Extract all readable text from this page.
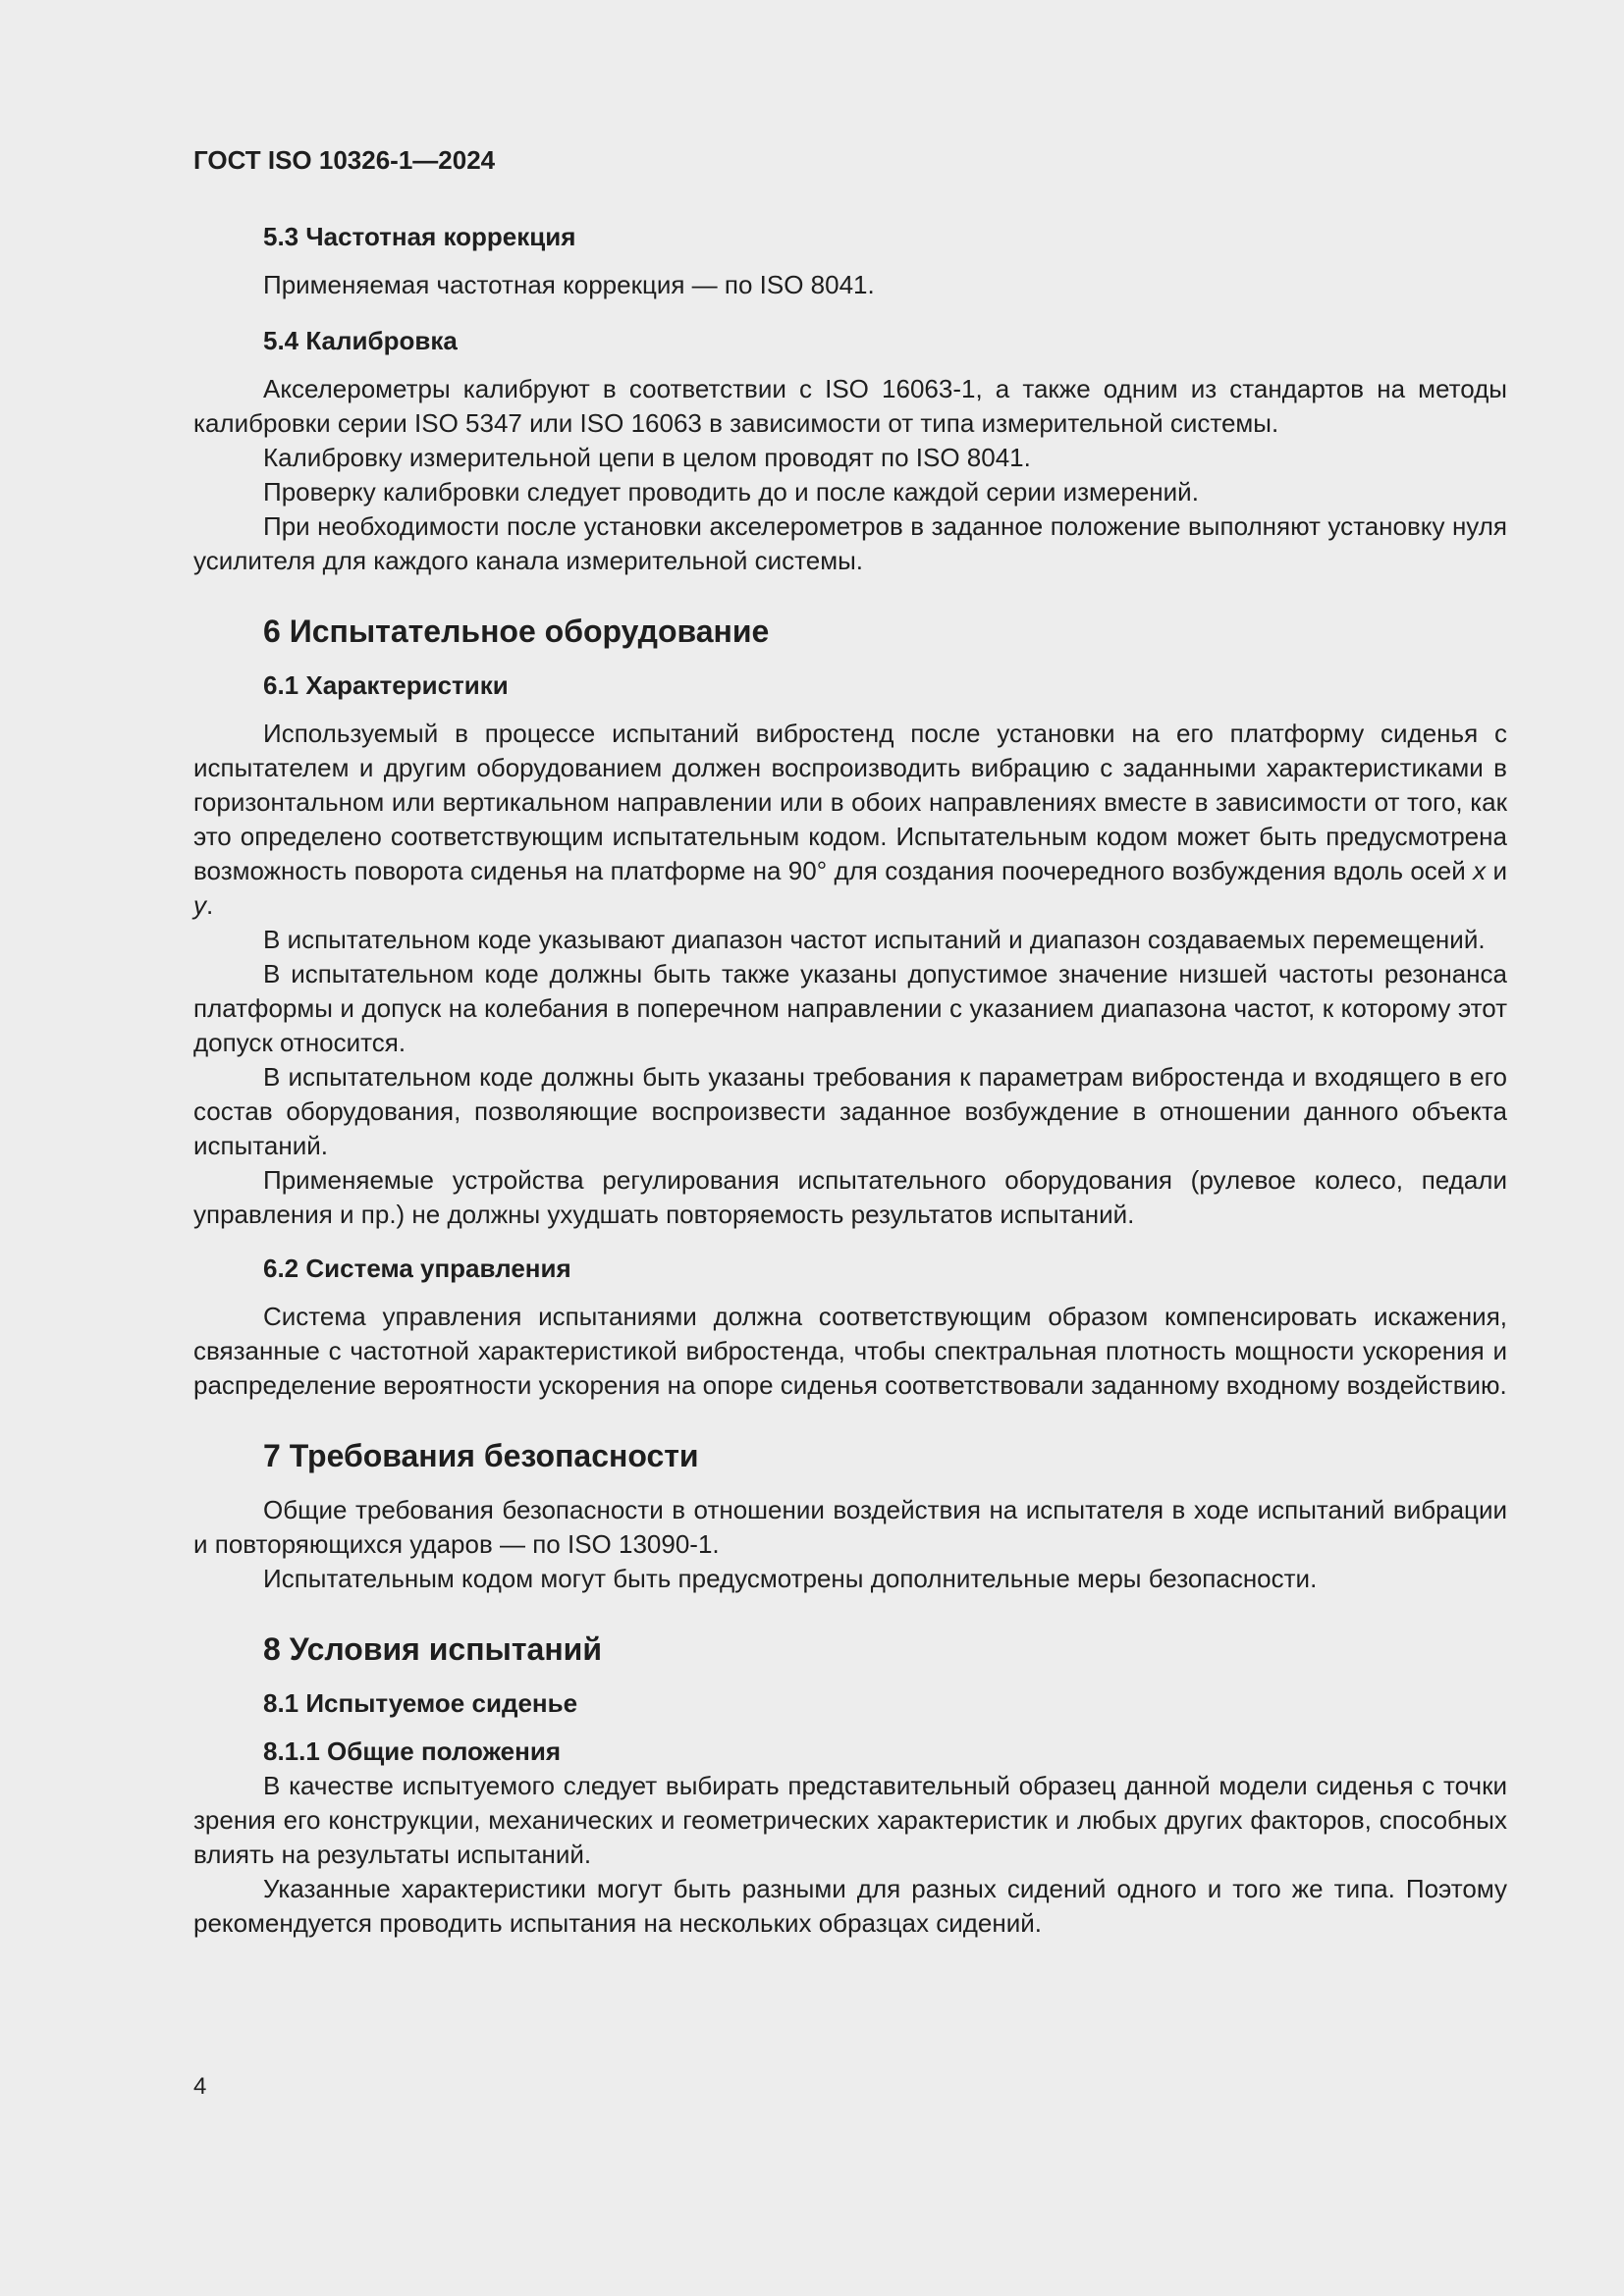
ГОСТ ISO 10326-1—2024
5.3 Частотная коррекция

Применяемая частотная коррекция — по ISO 8041.

5.4 Калибровка

Акселерометры калибруют в соответствии с ISO 16063-1, а также одним из стандартов на методы калибровки серии ISO 5347 или ISO 16063 в зависимости от типа измерительной системы.

Калибровку измерительной цепи в целом проводят по ISO 8041.

Проверку калибровки следует проводить до и после каждой серии измерений.

При необходимости после установки акселерометров в заданное положение выполняют установку нуля усилителя для каждого канала измерительной системы.

6 Испытательное оборудование
6.1 Характеристики

Используемый в процессе испытаний вибростенд после установки на его платформу сиденья с испытателем и другим оборудованием должен воспроизводить вибрацию с заданными характеристиками в горизонтальном или вертикальном направлении или в обоих направлениях вместе в зависимости от того, как это определено соответствующим испытательным кодом. Испытательным кодом может быть предусмотрена возможность поворота сиденья на платформе на 90° для создания поочередного возбуждения вдоль осей x и y.

В испытательном коде указывают диапазон частот испытаний и диапазон создаваемых перемещений.

В испытательном коде должны быть также указаны допустимое значение низшей частоты резонанса платформы и допуск на колебания в поперечном направлении с указанием диапазона частот, к которому этот допуск относится.

В испытательном коде должны быть указаны требования к параметрам вибростенда и входящего в его состав оборудования, позволяющие воспроизвести заданное возбуждение в отношении данного объекта испытаний.

Применяемые устройства регулирования испытательного оборудования (рулевое колесо, педали управления и пр.) не должны ухудшать повторяемость результатов испытаний.

6.2 Система управления

Система управления испытаниями должна соответствующим образом компенсировать искажения, связанные с частотной характеристикой вибростенда, чтобы спектральная плотность мощности ускорения и распределение вероятности ускорения на опоре сиденья соответствовали заданному входному воздействию.

7 Требования безопасности

Общие требования безопасности в отношении воздействия на испытателя в ходе испытаний вибрации и повторяющихся ударов — по ISO 13090-1.

Испытательным кодом могут быть предусмотрены дополнительные меры безопасности.

8 Условия испытаний
8.1 Испытуемое сиденье
8.1.1 Общие положения

В качестве испытуемого следует выбирать представительный образец данной модели сиденья с точки зрения его конструкции, механических и геометрических характеристик и любых других факторов, способных влиять на результаты испытаний.

Указанные характеристики могут быть разными для разных сидений одного и того же типа. Поэтому рекомендуется проводить испытания на нескольких образцах сидений.

4
